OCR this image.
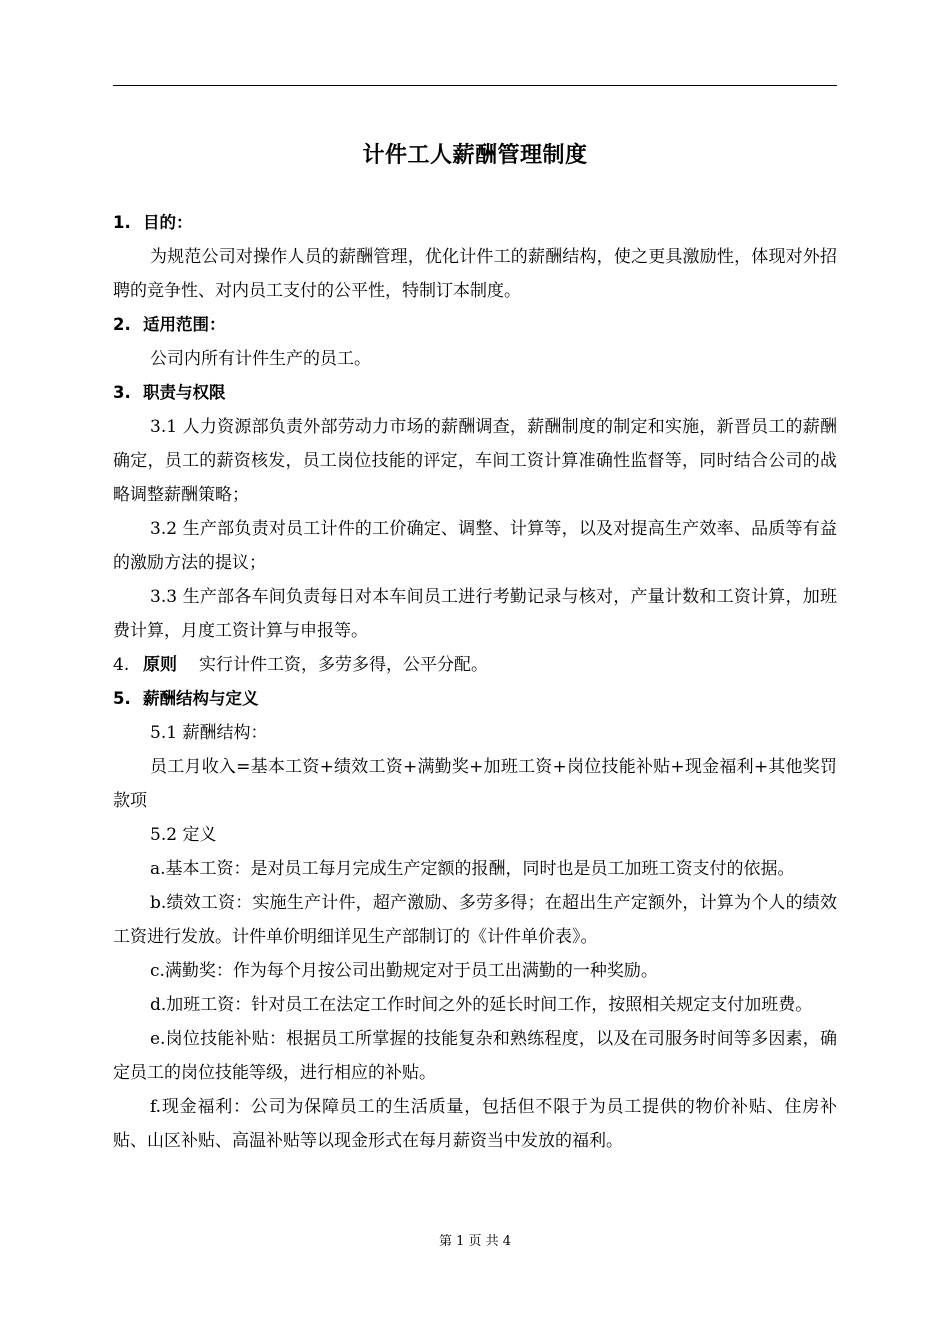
计件工人薪酬管理制度

1. 目的：

为规范公司对操作人员的薪酬管理，优化计件工的薪酬结构，使之更具激励性，体现对外招聘的竞争性、对内员工支付的公平性，特制订本制度。

2. 适用范围：

公司内所有计件生产的员工。

3. 职责与权限

3.1 人力资源部负责外部劳动力市场的薪酬调查，薪酬制度的制定和实施，新晋员工的薪酬确定，员工的薪资核发，员工岗位技能的评定，车间工资计算准确性监督等，同时结合公司的战略调整薪酬策略；

3.2 生产部负责对员工计件的工价确定、调整、计算等，以及对提高生产效率、品质等有益的激励方法的提议；

3.3 生产部各车间负责每日对本车间员工进行考勤记录与核对，产量计数和工资计算，加班费计算，月度工资计算与申报等。

4. 原则 实行计件工资，多劳多得，公平分配。

5. 薪酬结构与定义

5.1 薪酬结构：

员工月收入=基本工资+绩效工资+满勤奖+加班工资+岗位技能补贴+现金福利+其他奖罚款项

5.2 定义

a.基本工资：是对员工每月完成生产定额的报酬，同时也是员工加班工资支付的依据。

b.绩效工资：实施生产计件，超产激励、多劳多得；在超出生产定额外，计算为个人的绩效工资进行发放。计件单价明细详见生产部制订的《计件单价表》。

c.满勤奖：作为每个月按公司出勤规定对于员工出满勤的一种奖励。

d.加班工资：针对员工在法定工作时间之外的延长时间工作，按照相关规定支付加班费。

e.岗位技能补贴：根据员工所掌握的技能复杂和熟练程度，以及在司服务时间等多因素，确定员工的岗位技能等级，进行相应的补贴。

f.现金福利：公司为保障员工的生活质量，包括但不限于为员工提供的物价补贴、住房补贴、山区补贴、高温补贴等以现金形式在每月薪资当中发放的福利。

第 1 页 共 4
